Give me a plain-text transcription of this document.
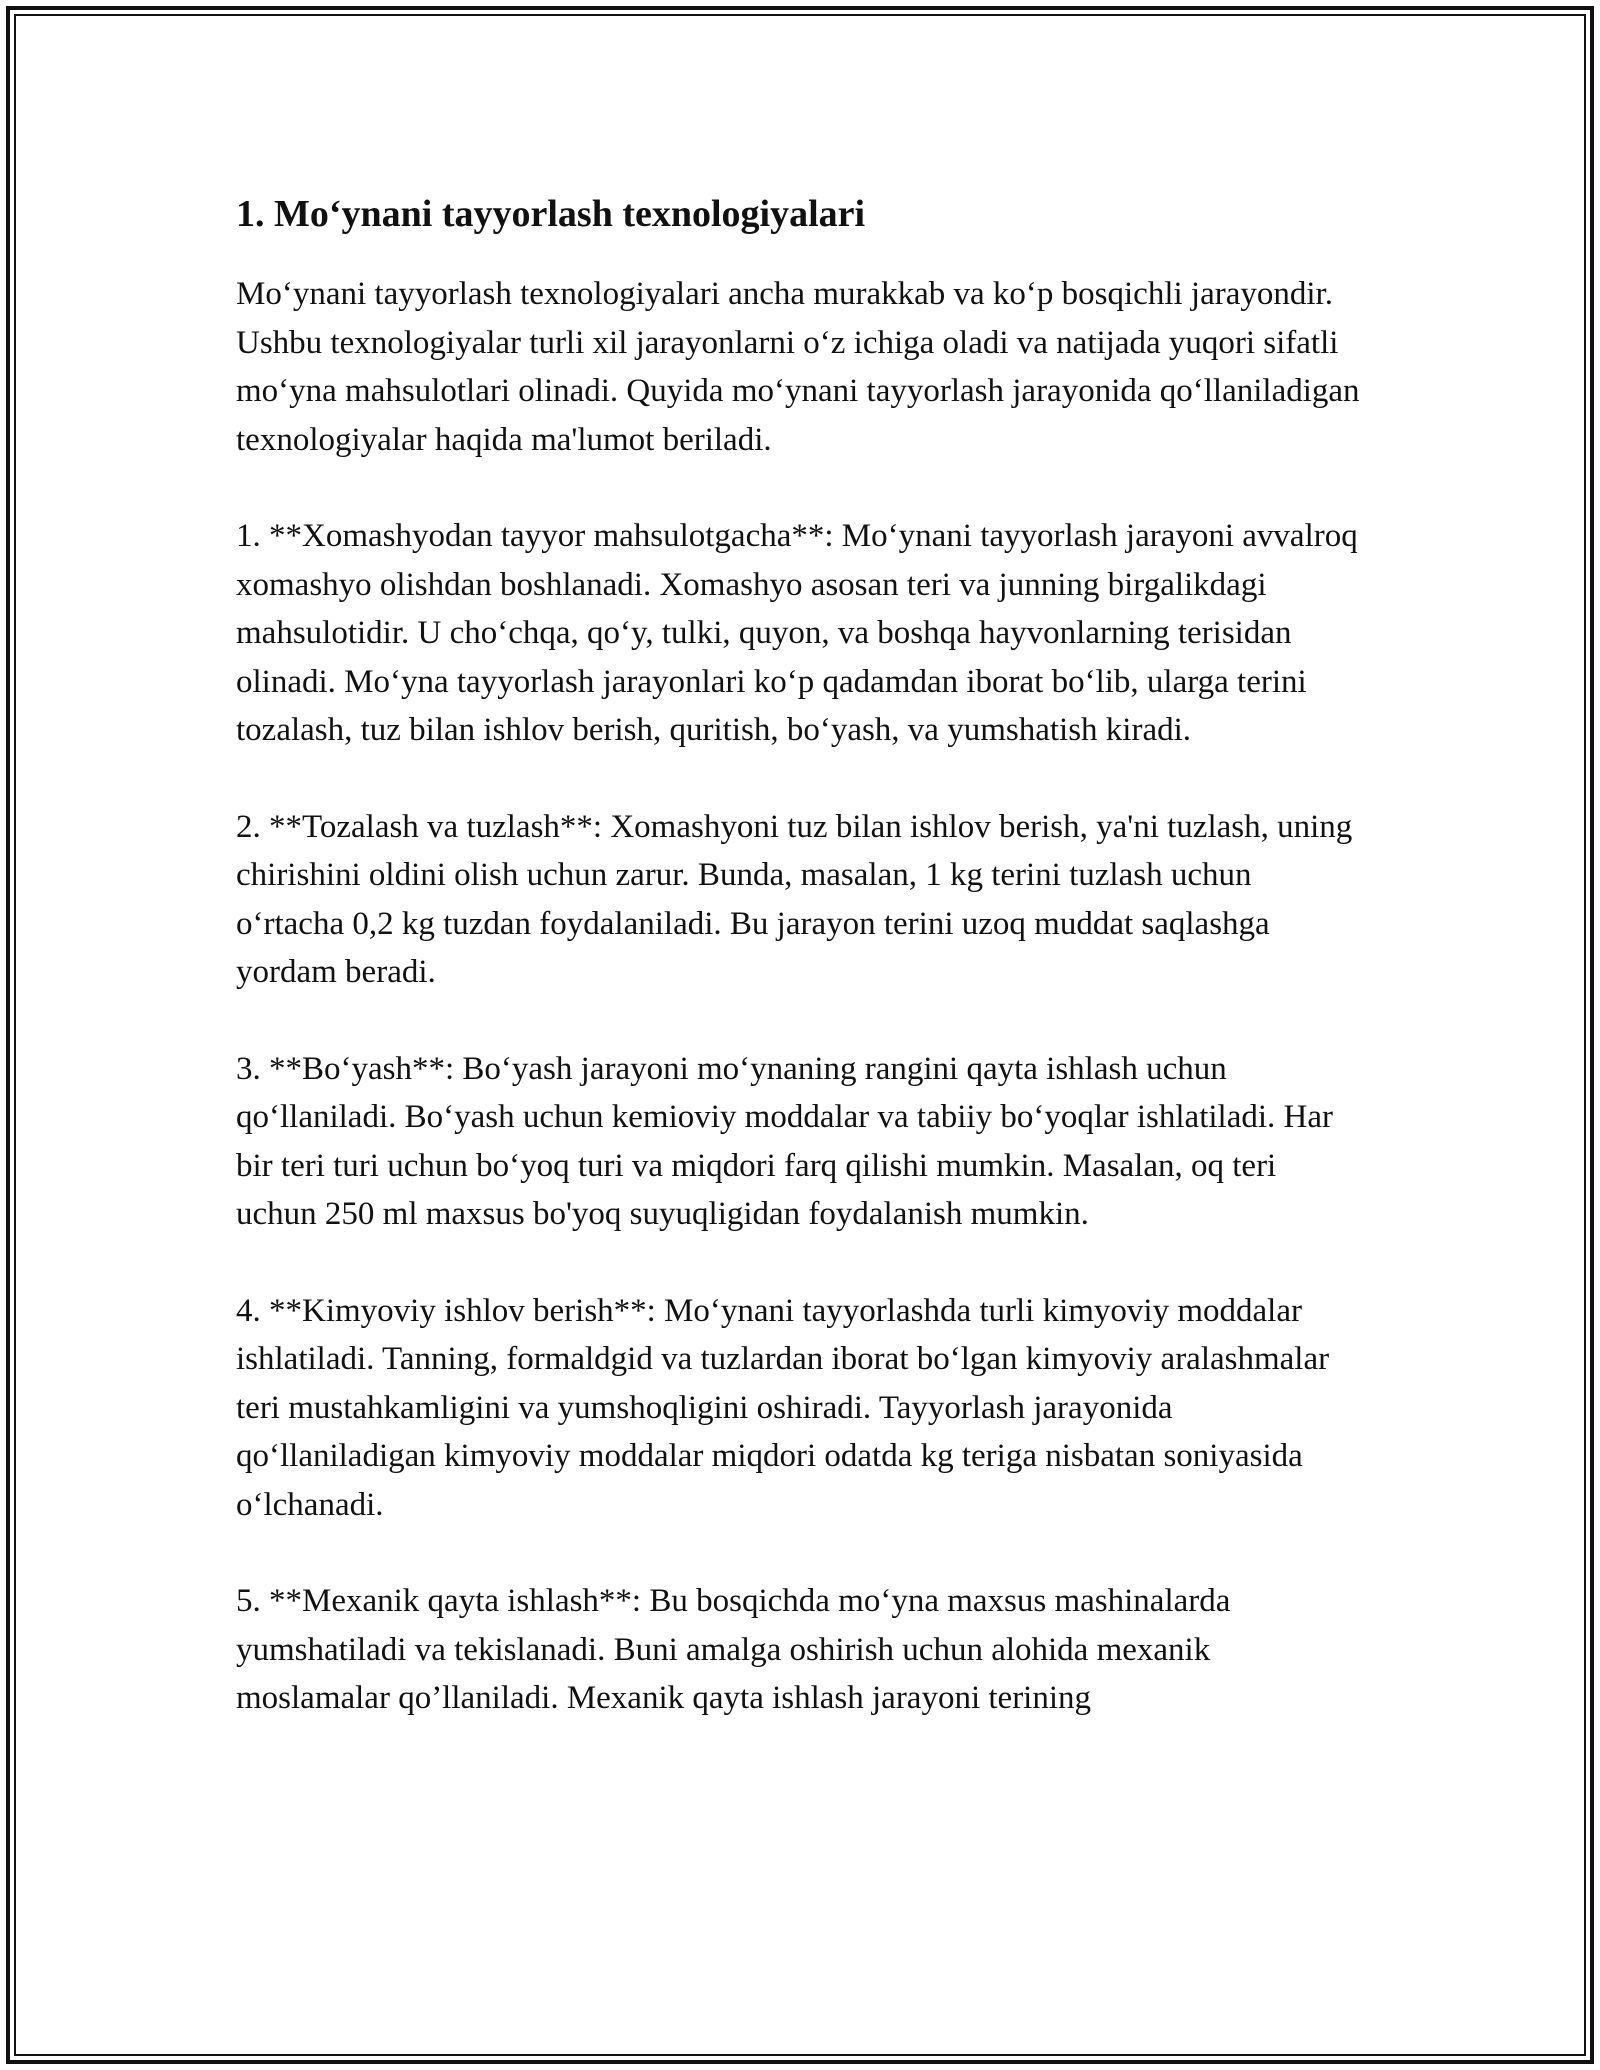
1. Mo‘ynani tayyorlash texnologiyalari

Mo‘ynani tayyorlash texnologiyalari ancha murakkab va ko‘p bosqichli jarayondir. Ushbu texnologiyalar turli xil jarayonlarni o‘z ichiga oladi va natijada yuqori sifatli mo‘yna mahsulotlari olinadi. Quyida mo‘ynani tayyorlash jarayonida qo‘llaniladigan texnologiyalar haqida ma'lumot beriladi.

1. **Xomashyodan tayyor mahsulotgacha**: Mo‘ynani tayyorlash jarayoni avvalroq xomashyo olishdan boshlanadi. Xomashyo asosan teri va junning birgalikdagi mahsulotidir. U cho‘chqa, qo‘y, tulki, quyon, va boshqa hayvonlarning terisidan olinadi. Mo‘yna tayyorlash jarayonlari ko‘p qadamdan iborat bo‘lib, ularga terini tozalash, tuz bilan ishlov berish, quritish, bo‘yash, va yumshatish kiradi.

2. **Tozalash va tuzlash**: Xomashyoni tuz bilan ishlov berish, ya'ni tuzlash, uning chirishini oldini olish uchun zarur. Bunda, masalan, 1 kg terini tuzlash uchun o‘rtacha 0,2 kg tuzdan foydalaniladi. Bu jarayon terini uzoq muddat saqlashga yordam beradi.

3. **Bo‘yash**: Bo‘yash jarayoni mo‘ynaning rangini qayta ishlash uchun qo‘llaniladi. Bo‘yash uchun kemioviy moddalar va tabiiy bo‘yoqlar ishlatiladi. Har bir teri turi uchun bo‘yoq turi va miqdori farq qilishi mumkin. Masalan, oq teri uchun 250 ml maxsus bo'yoq suyuqligidan foydalanish mumkin.

4. **Kimyoviy ishlov berish**: Mo‘ynani tayyorlashda turli kimyoviy moddalar ishlatiladi. Tanning, formaldgid va tuzlardan iborat bo‘lgan kimyoviy aralashmalar teri mustahkamligini va yumshoqligini oshiradi. Tayyorlash jarayonida qo‘llaniladigan kimyoviy moddalar miqdori odatda kg teriga nisbatan soniyasida o‘lchanadi.

5. **Mexanik qayta ishlash**: Bu bosqichda mo‘yna maxsus mashinalarda yumshatiladi va tekislanadi. Buni amalga oshirish uchun alohida mexanik moslamalar qo’llaniladi. Mexanik qayta ishlash jarayoni terining
